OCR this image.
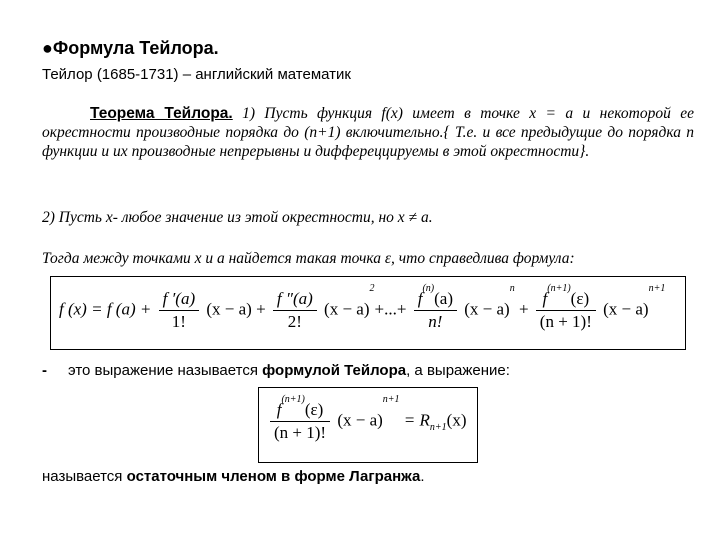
●Формула Тейлора.
Тейлор (1685-1731) – английский математик
Теорема Тейлора. 1) Пусть функция f(x) имеет в точке x = a и некоторой ее окрестности производные порядка до (n+1) включительно.{ Т.е. и все предыдущие до порядка n функции и их производные непрерывны и диффереццируемы в этой окрестности}.
2) Пусть x- любое значение из этой окрестности, но x ≠ a.
Тогда между точками x и a найдется такая точка ε, что справедлива формула:
f (x) = f $(a) + \frac{f '(a)}{1!} (x - a) + \frac{f ''(a)}{2!} (x - a)^2+...+ \frac{f^{(n)}(a)}{n!} (x - a)^n + \frac{f^{(n+1)}(\varepsilon)}{(n + 1)!} (x - a)^{n+1}$
- это выражение называется формулой Тейлора, а выражение:
$\frac{f^{(n+1)}(\varepsilon)}{(n + 1)!} (x - a)^{n+1} = R_{n+1}(x)$
называется остаточным членом в форме Лагранжа.
